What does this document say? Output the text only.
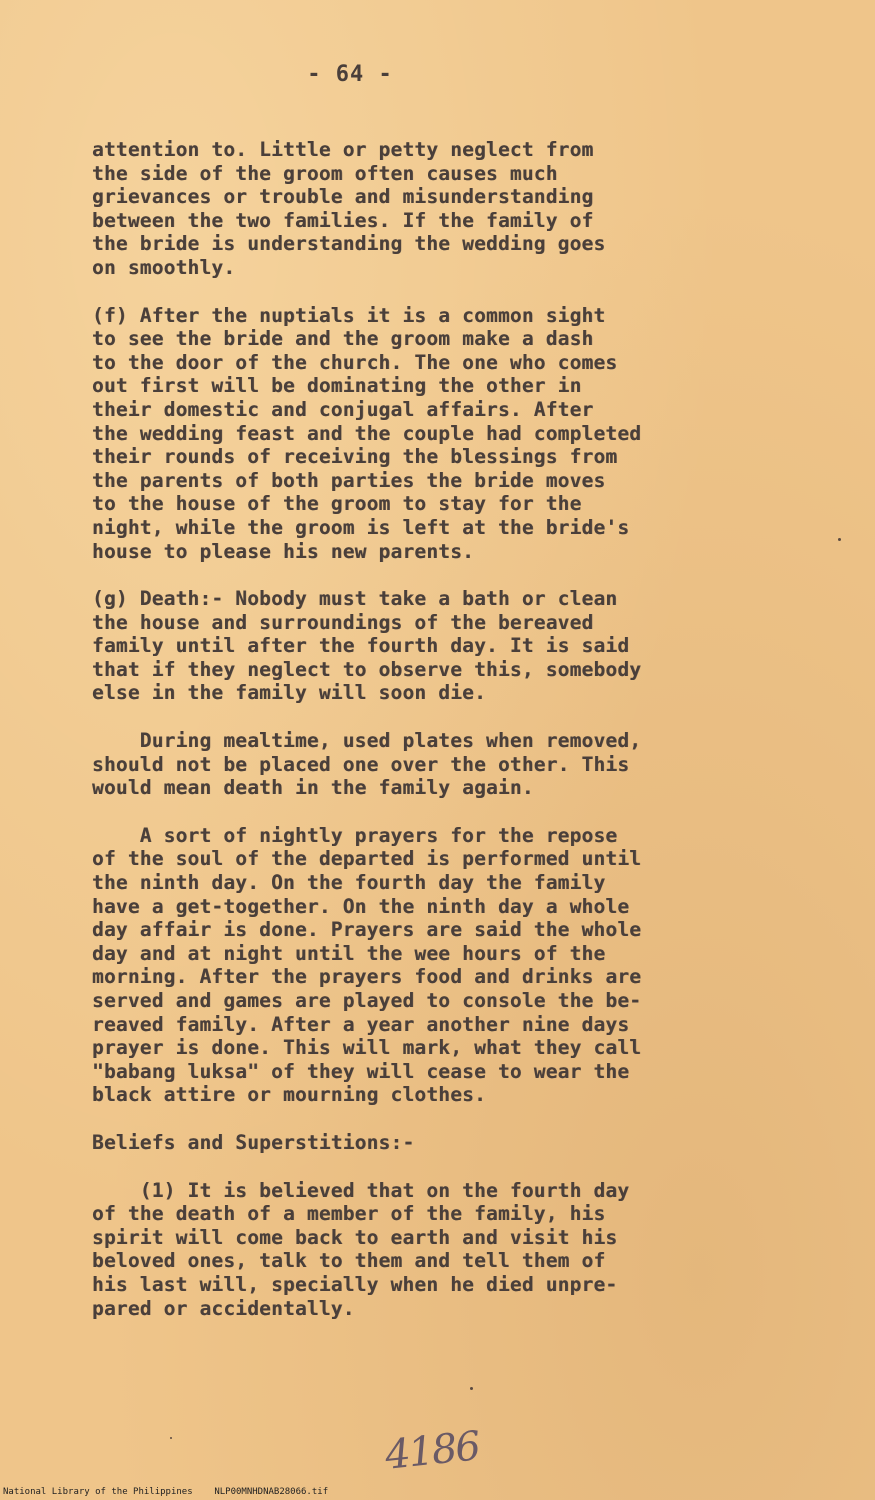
- 64 -

attention to. Little or petty neglect from
the side of the groom often causes much
grievances or trouble and misunderstanding
between the two families. If the family of
the bride is understanding the wedding goes
on smoothly.

(f) After the nuptials it is a common sight
to see the bride and the groom make a dash
to the door of the church. The one who comes
out first will be dominating the other in
their domestic and conjugal affairs. After
the wedding feast and the couple had completed
their rounds of receiving the blessings from
the parents of both parties the bride moves
to the house of the groom to stay for the
night, while the groom is left at the bride's
house to please his new parents.

(g) Death:- Nobody must take a bath or clean
the house and surroundings of the bereaved
family until after the fourth day. It is said
that if they neglect to observe this, somebody
else in the family will soon die.

During mealtime, used plates when removed,
should not be placed one over the other. This
would mean death in the family again.

A sort of nightly prayers for the repose
of the soul of the departed is performed until
the ninth day. On the fourth day the family
have a get-together. On the ninth day a whole
day affair is done. Prayers are said the whole
day and at night until the wee hours of the
morning. After the prayers food and drinks are
served and games are played to console the be-
reaved family. After a year another nine days
prayer is done. This will mark, what they call
"babang luksa" of they will cease to wear the
black attire or mourning clothes.

Beliefs and Superstitions:-

(1) It is believed that on the fourth day
of the death of a member of the family, his
spirit will come back to earth and visit his
beloved ones, talk to them and tell them of
his last will, specially when he died unpre-
pared or accidentally.

4186
National Library of the Philippines    NLP00MNHDNAB28066.tif
